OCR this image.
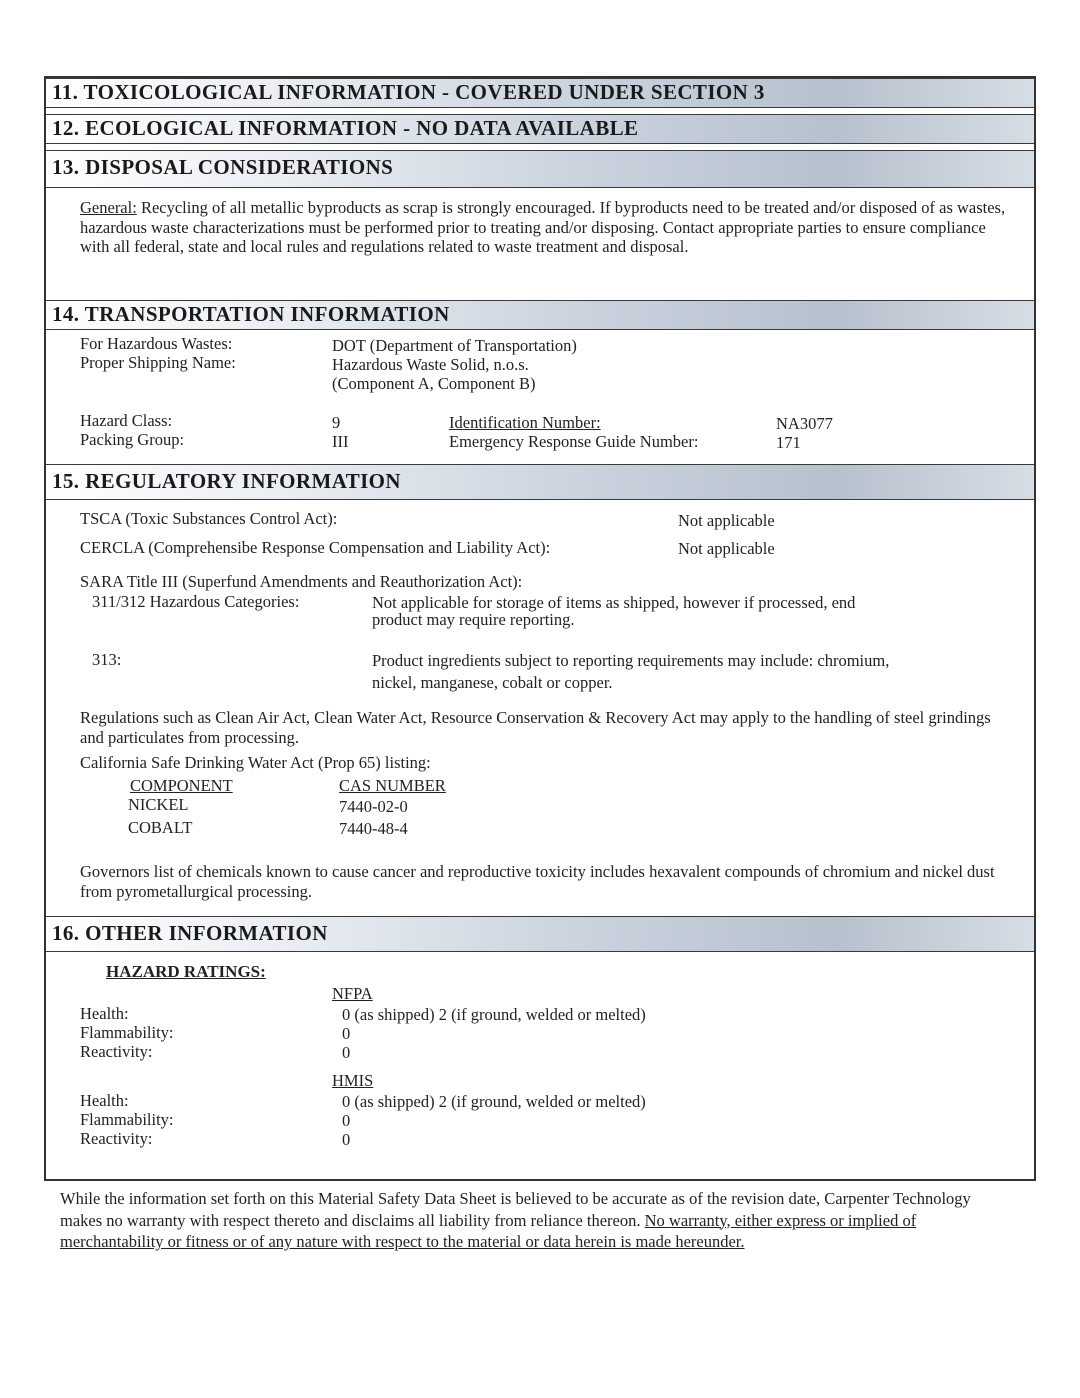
11. TOXICOLOGICAL INFORMATION - COVERED UNDER SECTION 3
12. ECOLOGICAL INFORMATION - NO DATA AVAILABLE
13. DISPOSAL CONSIDERATIONS
General: Recycling of all metallic byproducts as scrap is strongly encouraged. If byproducts need to be treated and/or disposed of as wastes, hazardous waste characterizations must be performed prior to treating and/or disposing. Contact appropriate parties to ensure compliance with all federal, state and local rules and regulations related to waste treatment and disposal.
14. TRANSPORTATION INFORMATION
For Hazardous Wastes:	DOT (Department of Transportation)
Proper Shipping Name:	Hazardous Waste Solid, n.o.s.
(Component A, Component B)
Hazard Class:	9	Identification Number:	NA3077
Packing Group:	III	Emergency Response Guide Number:	171
15. REGULATORY INFORMATION
TSCA (Toxic Substances Control Act):	Not applicable
CERCLA (Comprehensibe Response Compensation and Liability Act):	Not applicable
SARA Title III (Superfund Amendments and Reauthorization Act):
311/312 Hazardous Categories:	Not applicable for storage of items as shipped, however if processed, end
product may require reporting.
313:	Product ingredients subject to reporting requirements may include: chromium,
nickel, manganese, cobalt or copper.
Regulations such as Clean Air Act, Clean Water Act, Resource Conservation & Recovery Act may apply to the handling of steel grindings and particulates from processing.
California Safe Drinking Water Act (Prop 65) listing:
COMPONENT	CAS NUMBER
NICKEL	7440-02-0
COBALT	7440-48-4
Governors list of chemicals known to cause cancer and reproductive toxicity includes hexavalent compounds of chromium and nickel dust from pyrometallurgical processing.
16. OTHER INFORMATION
HAZARD RATINGS:
NFPA
Health:	0 (as shipped) 2 (if ground, welded or melted)
Flammability:	0
Reactivity:	0
HMIS
Health:	0 (as shipped) 2 (if ground, welded or melted)
Flammability:	0
Reactivity:	0
While the information set forth on this Material Safety Data Sheet is believed to be accurate as of the revision date, Carpenter Technology makes no warranty with respect thereto and disclaims all liability from reliance thereon. No warranty, either express or implied of merchantability or fitness or of any nature with respect to the material or data herein is made hereunder.
